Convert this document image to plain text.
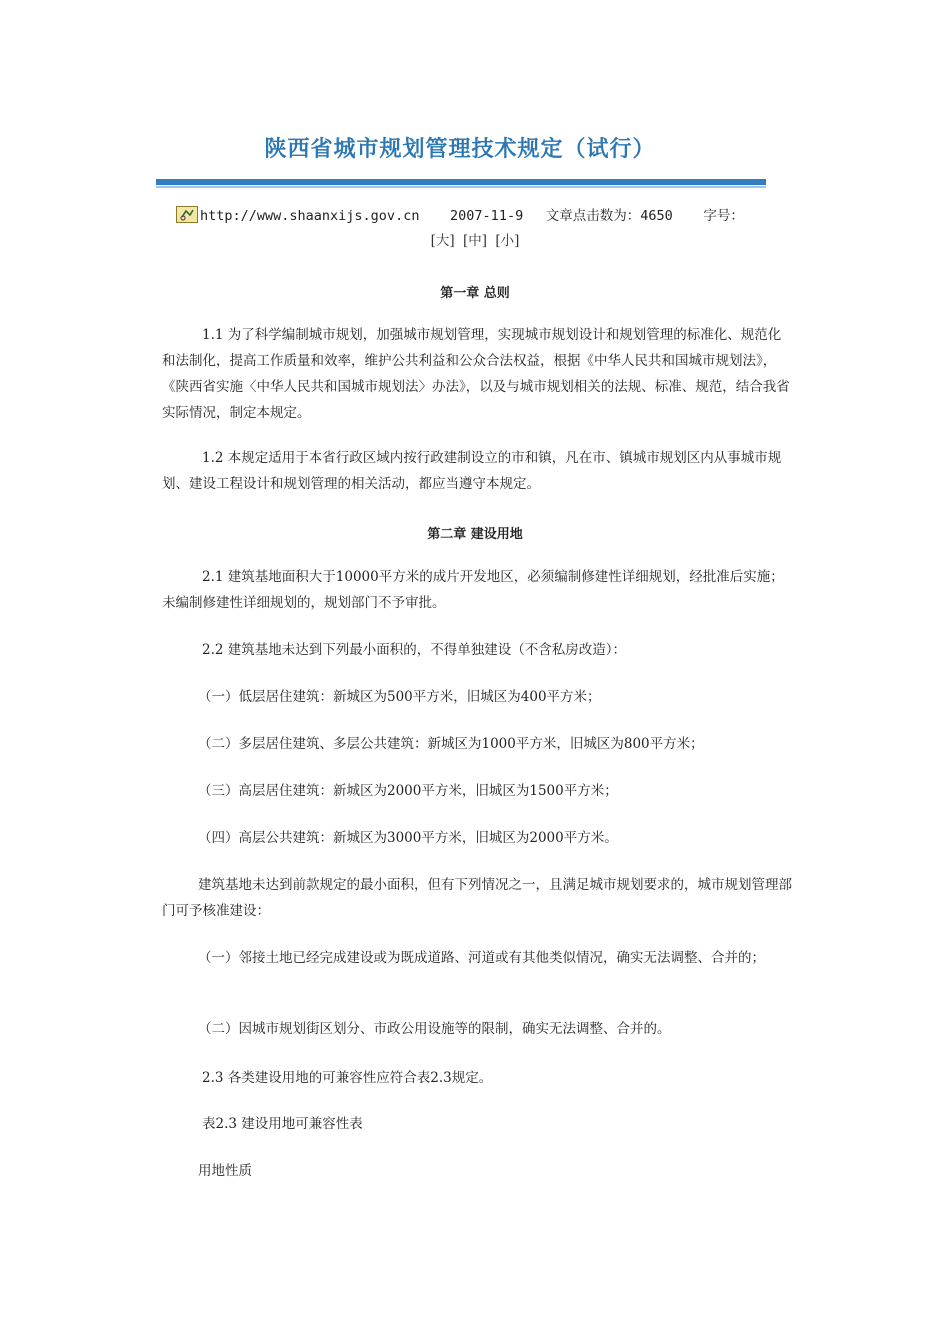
陕西省城市规划管理技术规定（试行）
http://www.shaanxijs.gov.cn 2007-11-9 文章点击数为：4650 字号：
[大] [中] [小]
第一章 总则
1.1 为了科学编制城市规划，加强城市规划管理，实现城市规划设计和规划管理的标准化、规范化和法制化，提高工作质量和效率，维护公共利益和公众合法权益，根据《中华人民共和国城市规划法》，《陕西省实施〈中华人民共和国城市规划法〉办法》，以及与城市规划相关的法规、标准、规范，结合我省实际情况，制定本规定。
1.2 本规定适用于本省行政区域内按行政建制设立的市和镇，凡在市、镇城市规划区内从事城市规划、建设工程设计和规划管理的相关活动，都应当遵守本规定。
第二章 建设用地
2.1 建筑基地面积大于10000平方米的成片开发地区，必须编制修建性详细规划，经批准后实施；未编制修建性详细规划的，规划部门不予审批。
2.2 建筑基地未达到下列最小面积的，不得单独建设（不含私房改造）：
（一）低层居住建筑：新城区为500平方米，旧城区为400平方米；
（二）多层居住建筑、多层公共建筑：新城区为1000平方米，旧城区为800平方米；
（三）高层居住建筑：新城区为2000平方米，旧城区为1500平方米；
（四）高层公共建筑：新城区为3000平方米，旧城区为2000平方米。
建筑基地未达到前款规定的最小面积，但有下列情况之一，且满足城市规划要求的，城市规划管理部门可予核准建设：
（一）邻接土地已经完成建设或为既成道路、河道或有其他类似情况，确实无法调整、合并的；
（二）因城市规划街区划分、市政公用设施等的限制，确实无法调整、合并的。
2.3 各类建设用地的可兼容性应符合表2.3规定。
表2.3 建设用地可兼容性表
用地性质
